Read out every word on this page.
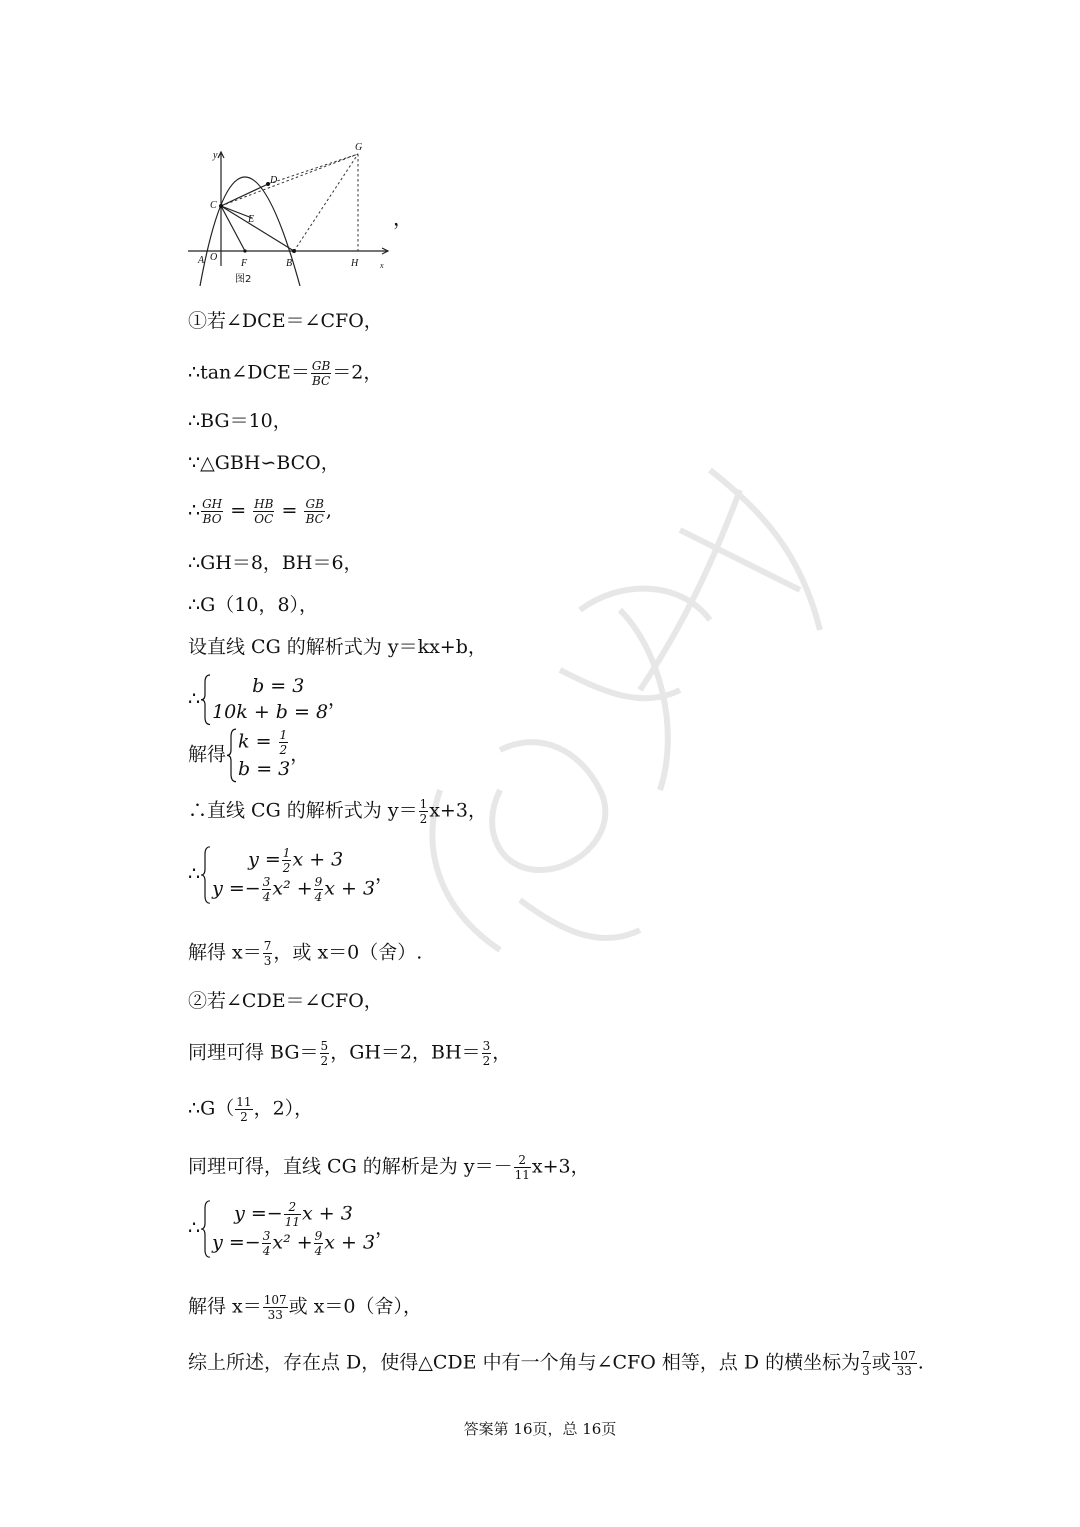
y
G
D
C
E
A O
F	B	H	x
图2
，
①若∠DCE＝∠CFO，
∴tan∠DCE＝ $\frac{GB}{BC} =2$，
∴BG＝10，
∵△GBH∽BCO，
∴ $\frac{GH}{BO} = \frac{HB}{OC} = \frac{GB}{BC}$ ,
∴GH＝8，BH＝6，
∴G（10，8），
设直线 CG 的解析式为 y＝kx+b，
∴
b = 3
10k + b = 8
，
解得
$k = \frac{1}{2}$
b = 3
，
∴直线 CG 的解析式为 $y= \frac{1}{2} x+3$，
∴
$y = \frac{1}{2}$ x + 3
$y =- \frac{3}{4} x^2 + \frac{9}{4}$ x + 3
，
解得 $x= \frac{7}{3}$ ，或 x＝0（舍）.
②若∠CDE＝∠CFO，
同理可得 $BG= \frac{5}{2}$ ，GH＝2，$BH= \frac{3}{2}$ ，
∴G（ $\frac{11}{2}$ ，2），
同理可得，直线 CG 的解析是为 $y=- \frac{2}{11} x+3$，
∴
$y =- \frac{2}{11}$ x + 3
$y =- \frac{3}{4} x^2 + \frac{9}{4}$ x + 3
，
解得 $x= \frac{107}{33}$ 或 x＝0（舍），
综上所述，存在点 D，使得△CDE 中有一个角与∠CFO 相等，点 D 的横坐标为 $\frac{7}{3}$ 或 $\frac{107}{33}$ .
答案第 16页，总 16页
